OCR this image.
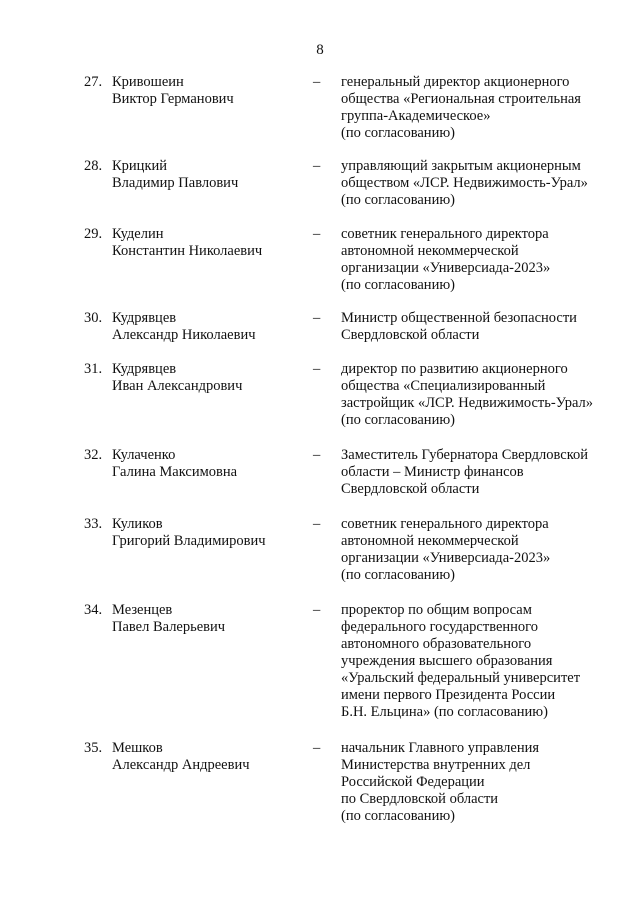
8
27. Кривошеин
Виктор Германович
– генеральный директор акционерного
общества «Региональная строительная
группа-Академическое»
(по согласованию)
28. Крицкий
Владимир Павлович
– управляющий закрытым акционерным
обществом «ЛСР. Недвижимость-Урал»
(по согласованию)
29. Куделин
Константин Николаевич
– советник генерального директора
автономной некоммерческой
организации «Универсиада-2023»
(по согласованию)
30. Кудрявцев
Александр Николаевич
– Министр общественной безопасности
Свердловской области
31. Кудрявцев
Иван Александрович
– директор по развитию акционерного
общества «Специализированный
застройщик «ЛСР. Недвижимость-Урал»
(по согласованию)
32. Кулаченко
Галина Максимовна
– Заместитель Губернатора Свердловской
области – Министр финансов
Свердловской области
33. Куликов
Григорий Владимирович
– советник генерального директора
автономной некоммерческой
организации «Универсиада-2023»
(по согласованию)
34. Мезенцев
Павел Валерьевич
– проректор по общим вопросам
федерального государственного
автономного образовательного
учреждения высшего образования
«Уральский федеральный университет
имени первого Президента России
Б.Н. Ельцина» (по согласованию)
35. Мешков
Александр Андреевич
– начальник Главного управления
Министерства внутренних дел
Российской Федерации
по Свердловской области
(по согласованию)
